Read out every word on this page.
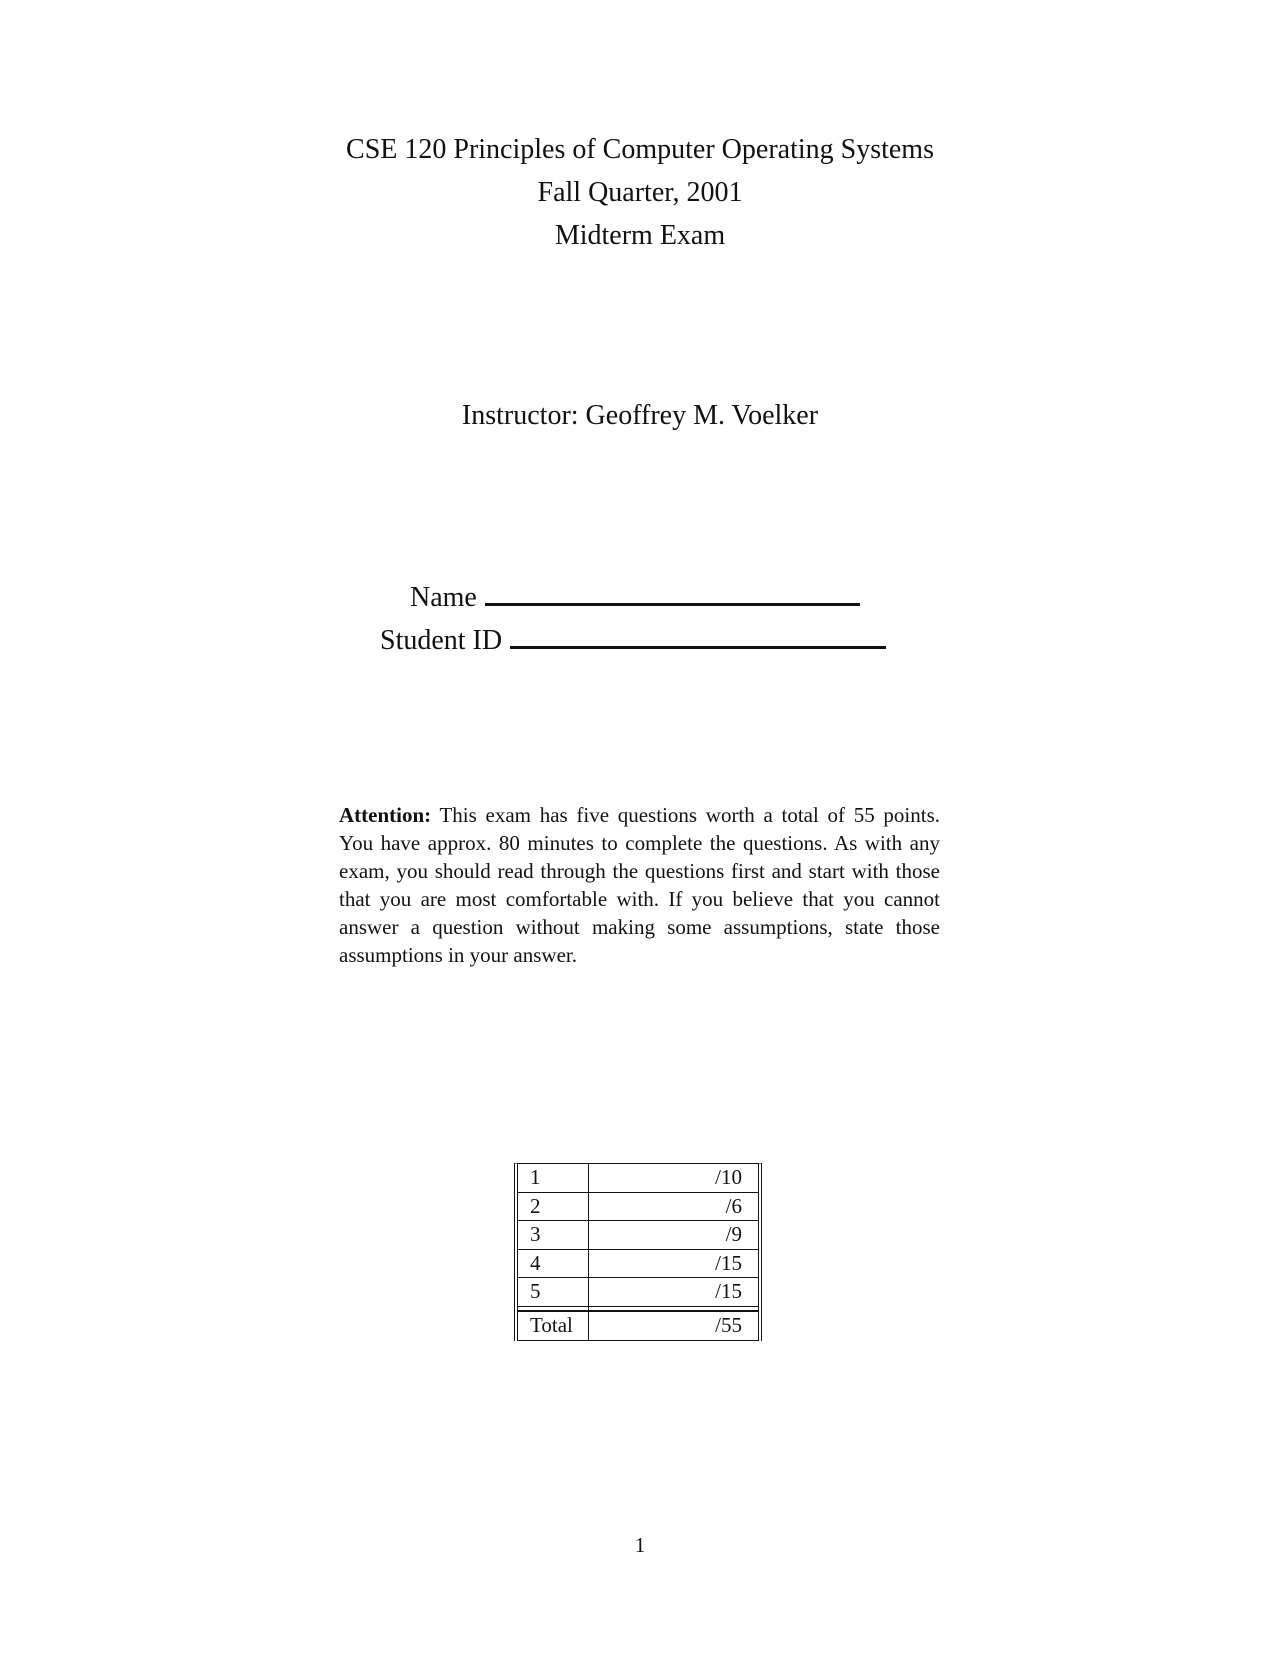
CSE 120 Principles of Computer Operating Systems
Fall Quarter, 2001
Midterm Exam
Instructor: Geoffrey M. Voelker
Name
Student ID
Attention: This exam has five questions worth a total of 55 points. You have approx. 80 minutes to complete the questions. As with any exam, you should read through the questions first and start with those that you are most comfortable with. If you believe that you cannot answer a question without making some assumptions, state those assumptions in your answer.
1	/10
2	/6
3	/9
4	/15
5	/15

Total	/55
1
